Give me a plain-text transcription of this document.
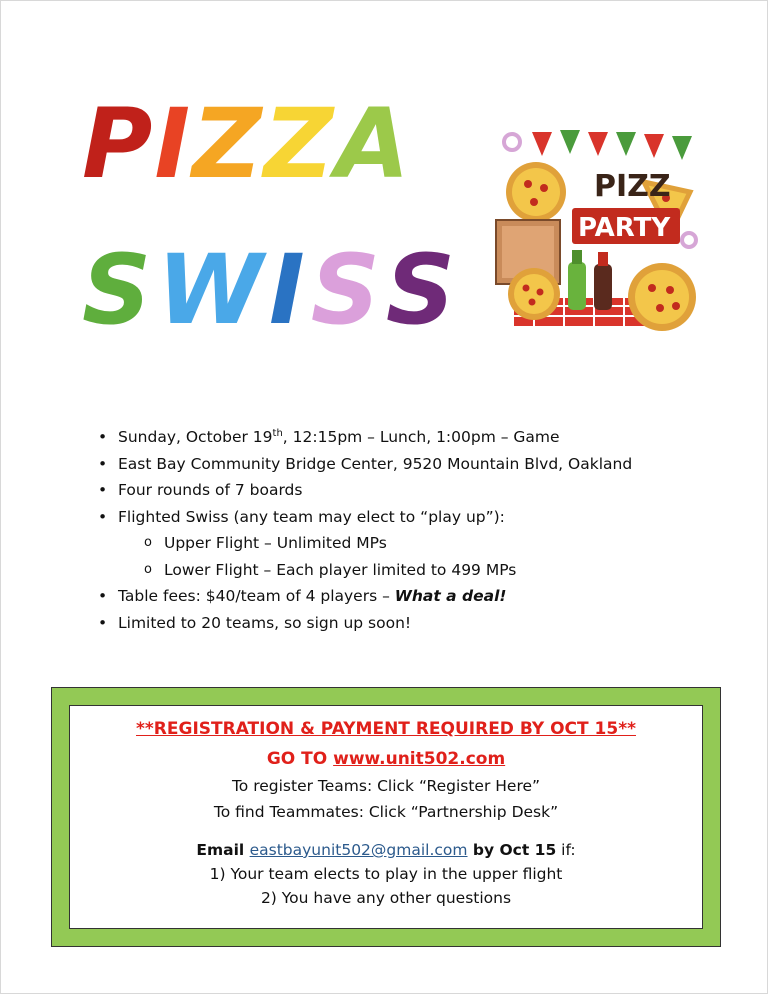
PIZZA
SWISS
PIZZ
PARTY
• Sunday, October 19th, 12:15pm – Lunch, 1:00pm – Game
• East Bay Community Bridge Center, 9520 Mountain Blvd, Oakland
• Four rounds of 7 boards
• Flighted Swiss (any team may elect to “play up”):
o Upper Flight – Unlimited MPs
o Lower Flight – Each player limited to 499 MPs
• Table fees: $40/team of 4 players – What a deal!
• Limited to 20 teams, so sign up soon!
**REGISTRATION & PAYMENT REQUIRED BY OCT 15**
GO TO www.unit502.com
To register Teams: Click “Register Here”
To find Teammates: Click “Partnership Desk”
Email eastbayunit502@gmail.com by Oct 15 if:
1) Your team elects to play in the upper flight
2) You have any other questions
